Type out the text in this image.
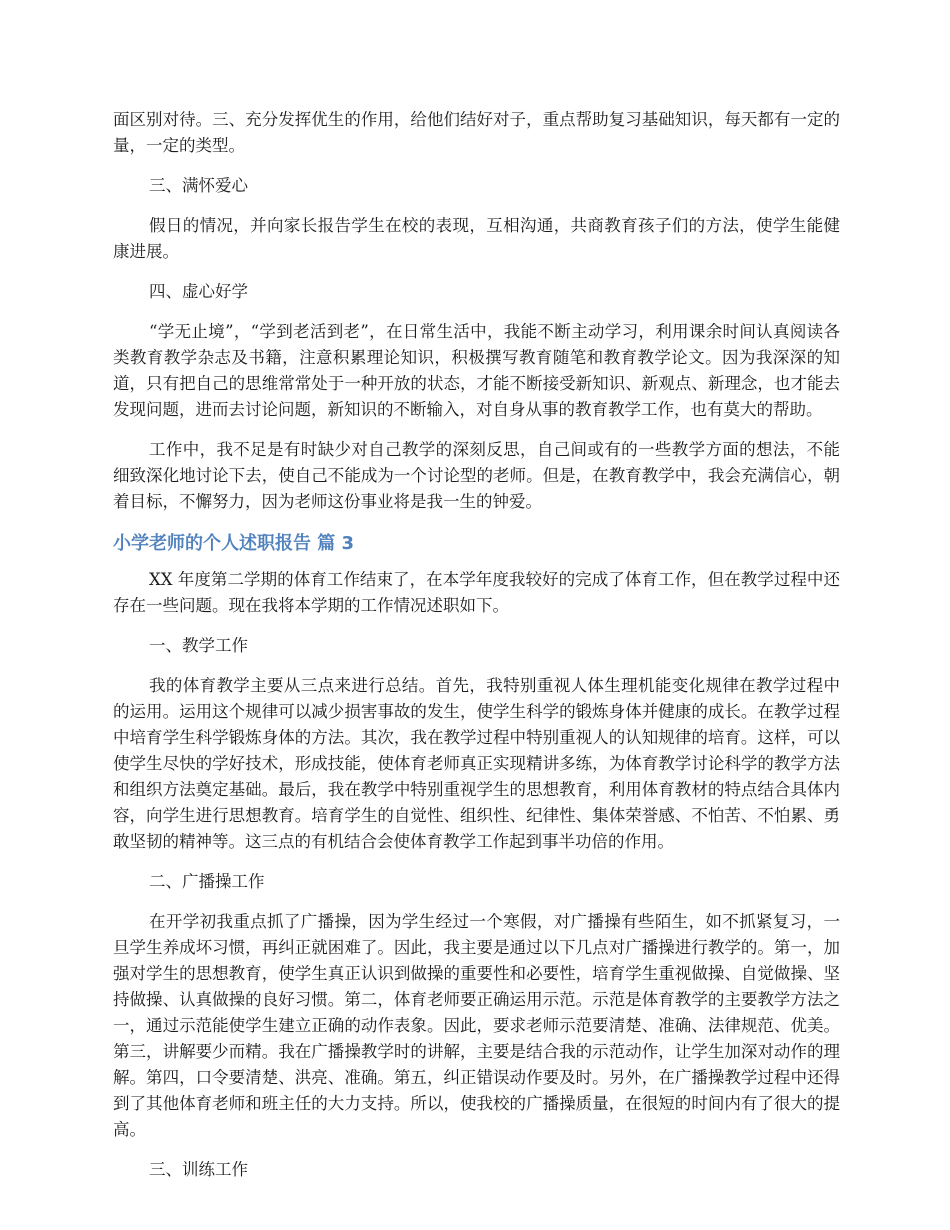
面区别对待。三、充分发挥优生的作用，给他们结好对子，重点帮助复习基础知识，每天都有一定的量，一定的类型。

三、满怀爱心

假日的情况，并向家长报告学生在校的表现，互相沟通，共商教育孩子们的方法，使学生能健康进展。

四、虚心好学

“学无止境”，“学到老活到老”，在日常生活中，我能不断主动学习，利用课余时间认真阅读各类教育教学杂志及书籍，注意积累理论知识，积极撰写教育随笔和教育教学论文。因为我深深的知道，只有把自己的思维常常处于一种开放的状态，才能不断接受新知识、新观点、新理念，也才能去发现问题，进而去讨论问题，新知识的不断输入，对自身从事的教育教学工作，也有莫大的帮助。

工作中，我不足是有时缺少对自己教学的深刻反思，自己间或有的一些教学方面的想法，不能细致深化地讨论下去，使自己不能成为一个讨论型的老师。但是，在教育教学中，我会充满信心，朝着目标，不懈努力，因为老师这份事业将是我一生的钟爱。

小学老师的个人述职报告 篇 3

XX 年度第二学期的体育工作结束了，在本学年度我较好的完成了体育工作，但在教学过程中还存在一些问题。现在我将本学期的工作情况述职如下。

一、教学工作

我的体育教学主要从三点来进行总结。首先，我特别重视人体生理机能变化规律在教学过程中的运用。运用这个规律可以减少损害事故的发生，使学生科学的锻炼身体并健康的成长。在教学过程中培育学生科学锻炼身体的方法。其次，我在教学过程中特别重视人的认知规律的培育。这样，可以使学生尽快的学好技术，形成技能，使体育老师真正实现精讲多练，为体育教学讨论科学的教学方法和组织方法奠定基础。最后，我在教学中特别重视学生的思想教育，利用体育教材的特点结合具体内容，向学生进行思想教育。培育学生的自觉性、组织性、纪律性、集体荣誉感、不怕苦、不怕累、勇敢坚韧的精神等。这三点的有机结合会使体育教学工作起到事半功倍的作用。

二、广播操工作

在开学初我重点抓了广播操，因为学生经过一个寒假，对广播操有些陌生，如不抓紧复习，一旦学生养成坏习惯，再纠正就困难了。因此，我主要是通过以下几点对广播操进行教学的。第一，加强对学生的思想教育，使学生真正认识到做操的重要性和必要性，培育学生重视做操、自觉做操、坚持做操、认真做操的良好习惯。第二，体育老师要正确运用示范。示范是体育教学的主要教学方法之一，通过示范能使学生建立正确的动作表象。因此，要求老师示范要清楚、准确、法律规范、优美。第三，讲解要少而精。我在广播操教学时的讲解，主要是结合我的示范动作，让学生加深对动作的理解。第四，口令要清楚、洪亮、准确。第五，纠正错误动作要及时。另外，在广播操教学过程中还得到了其他体育老师和班主任的大力支持。所以，使我校的广播操质量，在很短的时间内有了很大的提高。

三、训练工作
